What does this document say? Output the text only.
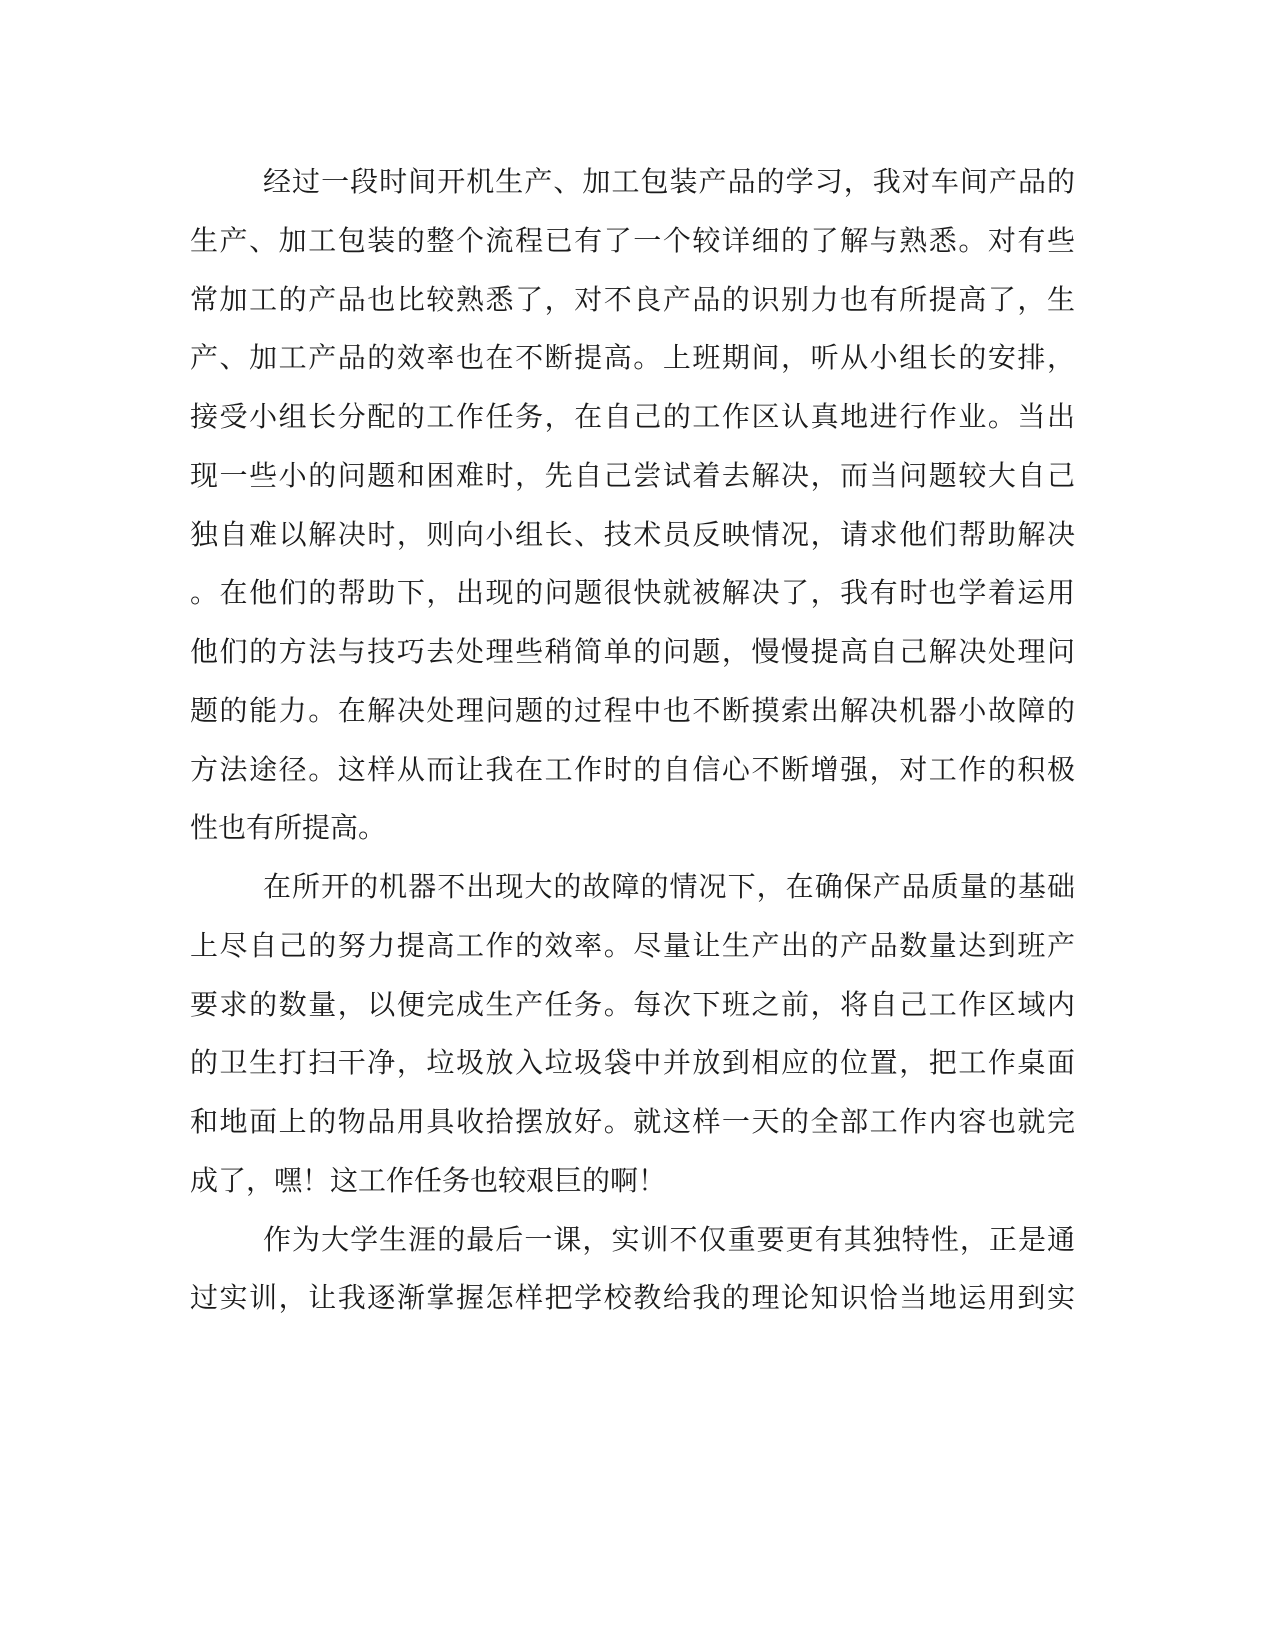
经过一段时间开机生产、加工包装产品的学习，我对车间产品的
生产、加工包装的整个流程已有了一个较详细的了解与熟悉。对有些
常加工的产品也比较熟悉了，对不良产品的识别力也有所提高了，生
产、加工产品的效率也在不断提高。上班期间，听从小组长的安排，
接受小组长分配的工作任务，在自己的工作区认真地进行作业。当出
现一些小的问题和困难时，先自己尝试着去解决，而当问题较大自己
独自难以解决时，则向小组长、技术员反映情况，请求他们帮助解决
。在他们的帮助下，出现的问题很快就被解决了，我有时也学着运用
他们的方法与技巧去处理些稍简单的问题，慢慢提高自己解决处理问
题的能力。在解决处理问题的过程中也不断摸索出解决机器小故障的
方法途径。这样从而让我在工作时的自信心不断增强，对工作的积极
性也有所提高。
在所开的机器不出现大的故障的情况下，在确保产品质量的基础
上尽自己的努力提高工作的效率。尽量让生产出的产品数量达到班产
要求的数量，以便完成生产任务。每次下班之前，将自己工作区域内
的卫生打扫干净，垃圾放入垃圾袋中并放到相应的位置，把工作桌面
和地面上的物品用具收拾摆放好。就这样一天的全部工作内容也就完
成了，嘿！这工作任务也较艰巨的啊！
作为大学生涯的最后一课，实训不仅重要更有其独特性，正是通
过实训，让我逐渐掌握怎样把学校教给我的理论知识恰当地运用到实
